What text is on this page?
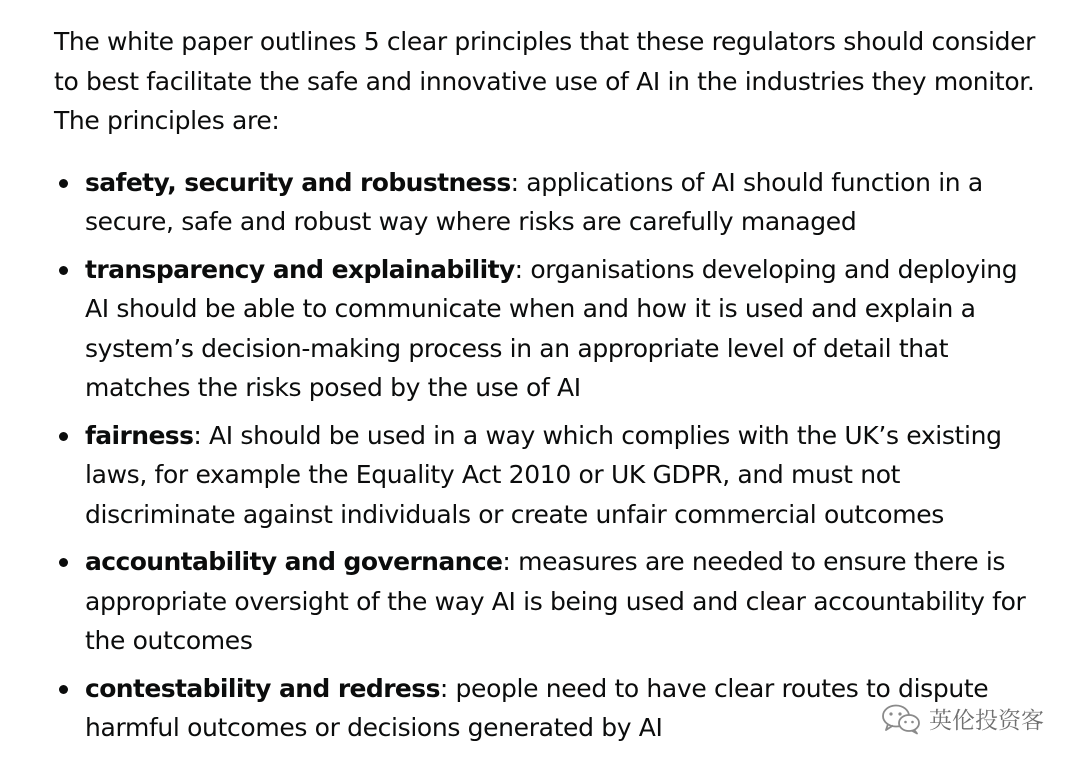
The white paper outlines 5 clear principles that these regulators should consider to best facilitate the safe and innovative use of AI in the industries they monitor. The principles are:

safety, security and robustness: applications of AI should function in a secure, safe and robust way where risks are carefully managed
transparency and explainability: organisations developing and deploying AI should be able to communicate when and how it is used and explain a system’s decision-making process in an appropriate level of detail that matches the risks posed by the use of AI
fairness: AI should be used in a way which complies with the UK’s existing laws, for example the Equality Act 2010 or UK GDPR, and must not discriminate against individuals or create unfair commercial outcomes
accountability and governance: measures are needed to ensure there is appropriate oversight of the way AI is being used and clear accountability for the outcomes
contestability and redress: people need to have clear routes to dispute harmful outcomes or decisions generated by AI	英伦投资客
